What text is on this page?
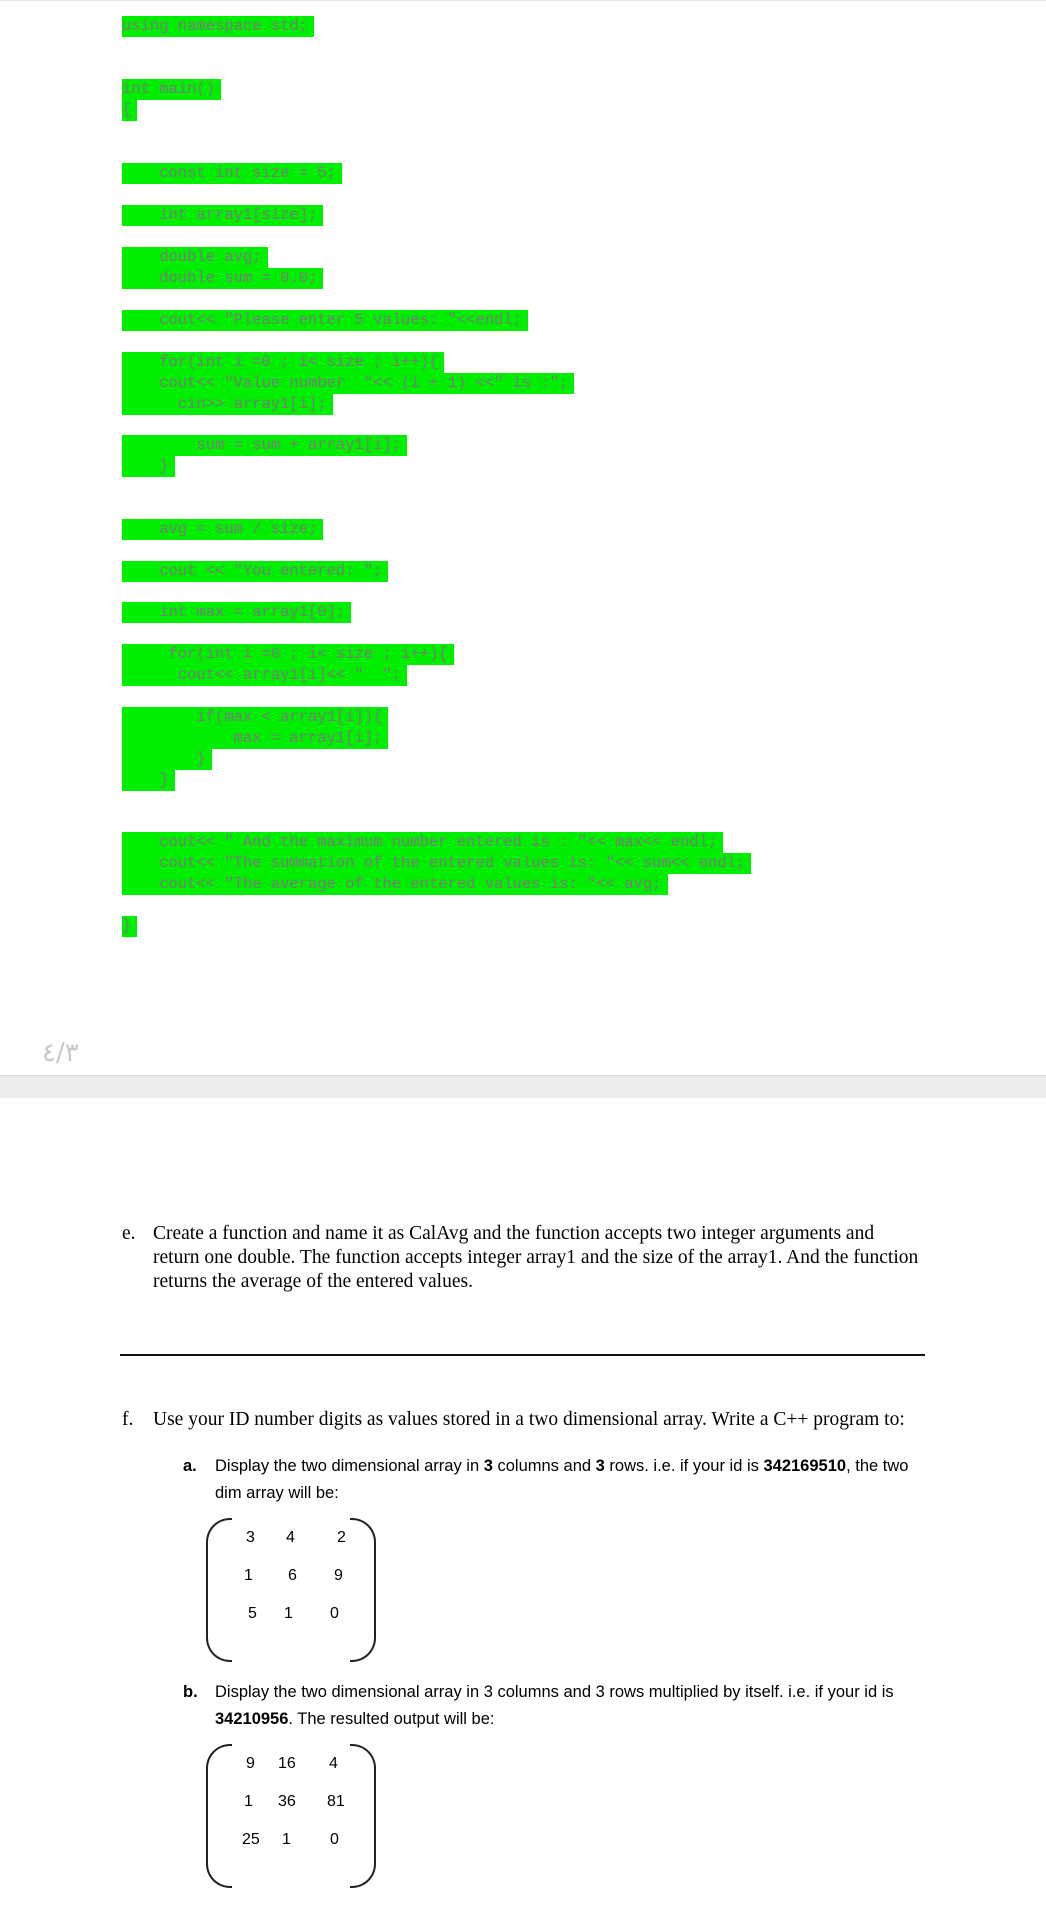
using namespace std;
int main()
{
const int size = 5;
int array1[size];
double avg;
double sum = 0.0;
cout<< "Please enter 5 values: "<<endl;
for(int i =0 ; i< size ; i++){
cout<< "Value number  "<< (i + 1) <<" is :";
cin>> array1[i];
sum = sum + array1[i];
}
avg = sum / size;
cout << "You entered: ";
int max = array1[0];
for(int i =0 ; i< size ; i++){
cout<< array1[i]<< "  ";
if(max < array1[i]){
max = array1[i];
}
}
cout<< " And the maximum number entered is : "<< max<< endl;
cout<< "The summation of the entered values is: "<< sum<< endl;
cout<< "The average of the entered values is: "<< avg;
}
٤/٣
e. Create a function and name it as CalAvg and the function accepts two integer arguments and return one double. The function accepts integer array1 and the size of the array1. And the function returns the average of the entered values.
f. Use your ID number digits as values stored in a two dimensional array. Write a C++ program to:
a. Display the two dimensional array in 3 columns and 3 rows. i.e. if your id is 342169510, the two dim array will be:
3 4	2
1 6 9
5 1 0
b. Display the two dimensional array in 3 columns and 3 rows multiplied by itself. i.e. if your id is 34210956. The resulted output will be:
9 16 4
1 36 81
25 1 0
